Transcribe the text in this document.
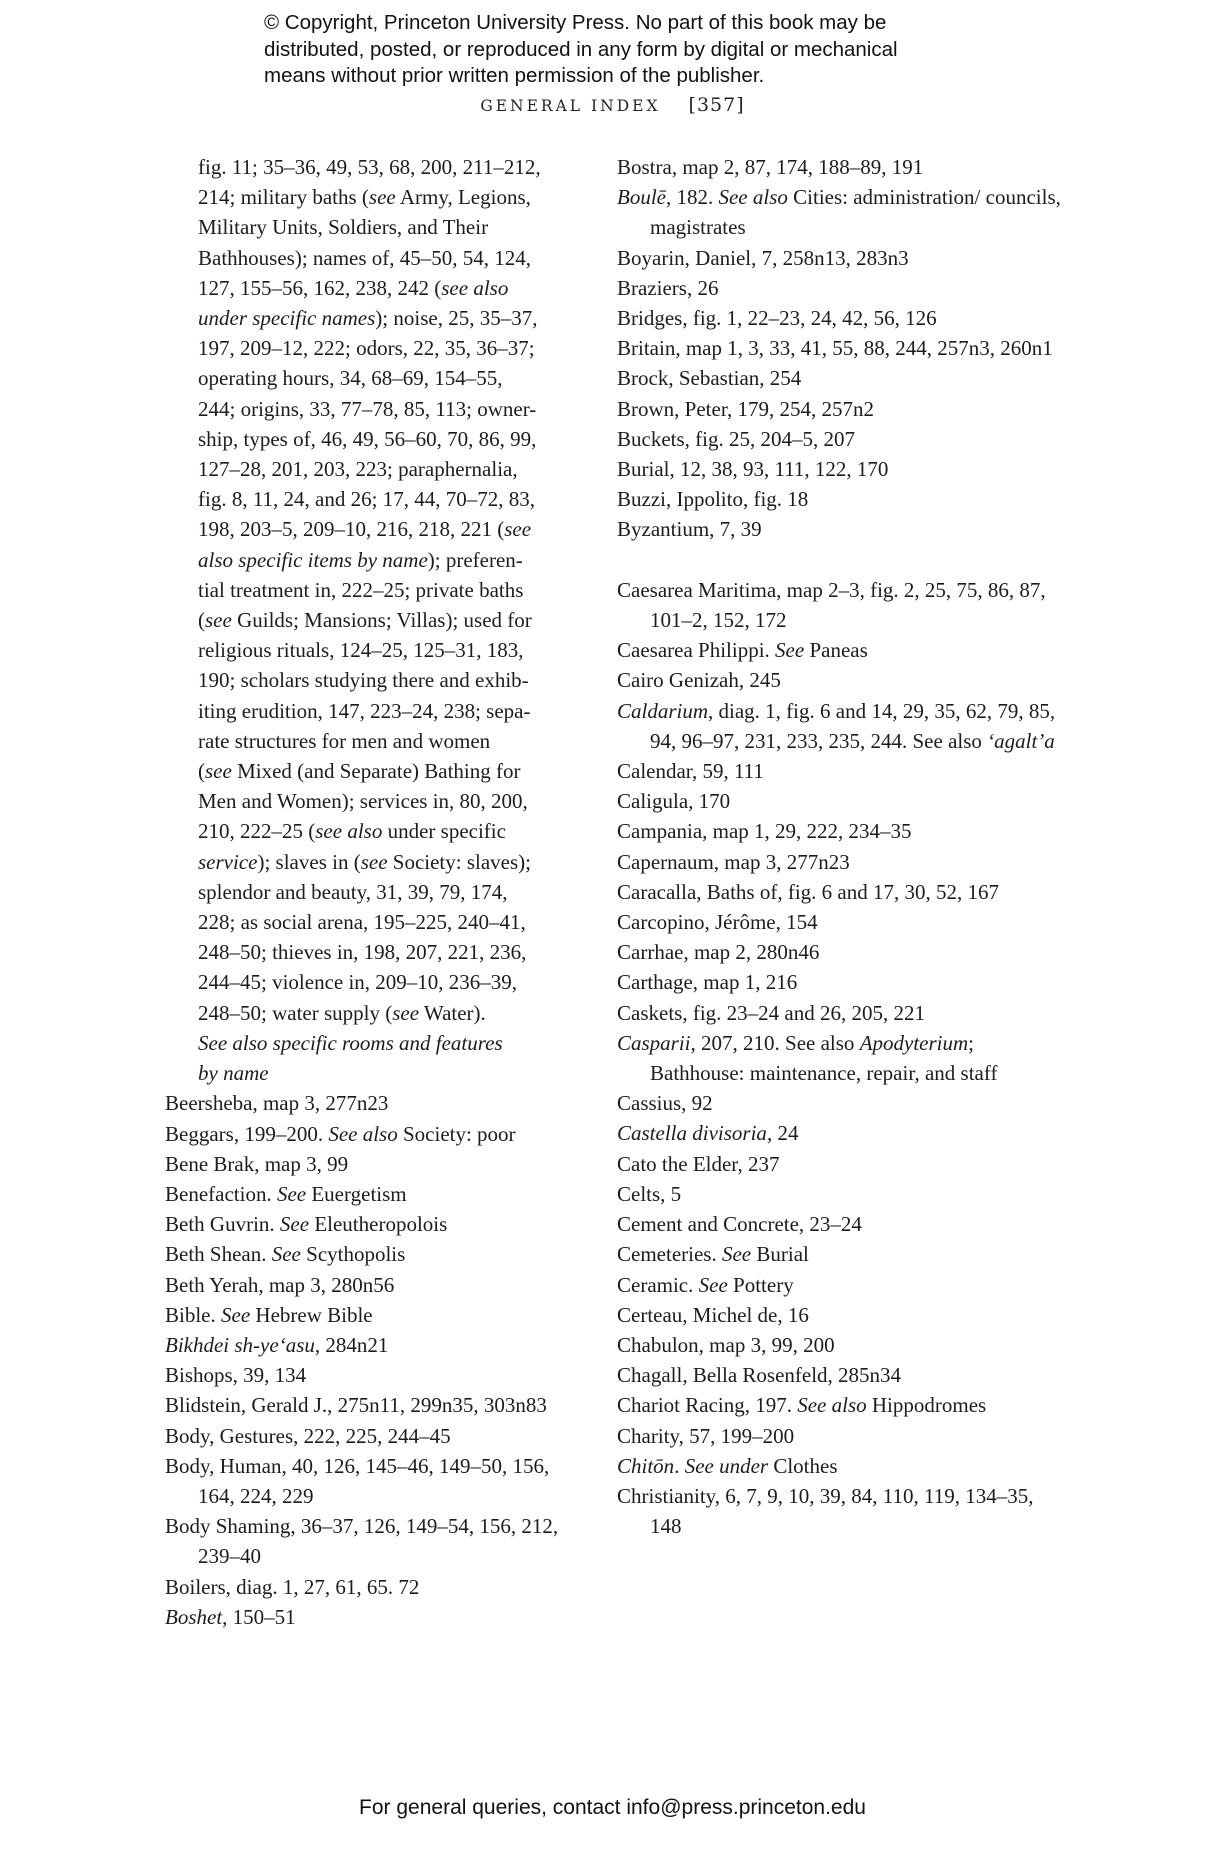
© Copyright, Princeton University Press. No part of this book may be
distributed, posted, or reproduced in any form by digital or mechanical
means without prior written permission of the publisher.
GENERAL INDEX [357]
fig. 11; 35–36, 49, 53, 68, 200, 211–212,
214; military baths (see Army, Legions,
Military Units, Soldiers, and Their
Bathhouses); names of, 45–50, 54, 124,
127, 155–56, 162, 238, 242 (see also
under specific names); noise, 25, 35–37,
197, 209–12, 222; odors, 22, 35, 36–37;
operating hours, 34, 68–69, 154–55,
244; origins, 33, 77–78, 85, 113; owner-
ship, types of, 46, 49, 56–60, 70, 86, 99,
127–28, 201, 203, 223; paraphernalia,
fig. 8, 11, 24, and 26; 17, 44, 70–72, 83,
198, 203–5, 209–10, 216, 218, 221 (see
also specific items by name); preferen-
tial treatment in, 222–25; private baths
(see Guilds; Mansions; Villas); used for
religious rituals, 124–25, 125–31, 183,
190; scholars studying there and exhib-
iting erudition, 147, 223–24, 238; sepa-
rate structures for men and women
(see Mixed (and Separate) Bathing for
Men and Women); services in, 80, 200,
210, 222–25 (see also under specific
service); slaves in (see Society: slaves);
splendor and beauty, 31, 39, 79, 174,
228; as social arena, 195–225, 240–41,
248–50; thieves in, 198, 207, 221, 236,
244–45; violence in, 209–10, 236–39,
248–50; water supply (see Water).
See also specific rooms and features
by name

Beersheba, map 3, 277n23

Beggars, 199–200. See also Society: poor

Bene Brak, map 3, 99

Benefaction. See Euergetism

Beth Guvrin. See Eleutheropolois

Beth Shean. See Scythopolis

Beth Yerah, map 3, 280n56

Bible. See Hebrew Bible

Bikhdei sh-ye‘asu, 284n21

Bishops, 39, 134

Blidstein, Gerald J., 275n11, 299n35, 303n83

Body, Gestures, 222, 225, 244–45

Body, Human, 40, 126, 145–46, 149–50, 156, 164, 224, 229

Body Shaming, 36–37, 126, 149–54, 156, 212, 239–40

Boilers, diag. 1, 27, 61, 65. 72

Boshet, 150–51

Bostra, map 2, 87, 174, 188–89, 191

Boulē, 182. See also Cities: administration/ councils, magistrates

Boyarin, Daniel, 7, 258n13, 283n3

Braziers, 26

Bridges, fig. 1, 22–23, 24, 42, 56, 126

Britain, map 1, 3, 33, 41, 55, 88, 244, 257n3, 260n1

Brock, Sebastian, 254

Brown, Peter, 179, 254, 257n2

Buckets, fig. 25, 204–5, 207

Burial, 12, 38, 93, 111, 122, 170

Buzzi, Ippolito, fig. 18

Byzantium, 7, 39

Caesarea Maritima, map 2–3, fig. 2, 25, 75, 86, 87, 101–2, 152, 172

Caesarea Philippi. See Paneas

Cairo Genizah, 245

Caldarium, diag. 1, fig. 6 and 14, 29, 35, 62, 79, 85, 94, 96–97, 231, 233, 235, 244. See also ‘agalt’a

Calendar, 59, 111

Caligula, 170

Campania, map 1, 29, 222, 234–35

Capernaum, map 3, 277n23

Caracalla, Baths of, fig. 6 and 17, 30, 52, 167

Carcopino, Jérôme, 154

Carrhae, map 2, 280n46

Carthage, map 1, 216

Caskets, fig. 23–24 and 26, 205, 221

Casparii, 207, 210. See also Apodyterium; Bathhouse: maintenance, repair, and staff

Cassius, 92

Castella divisoria, 24

Cato the Elder, 237

Celts, 5

Cement and Concrete, 23–24

Cemeteries. See Burial

Ceramic. See Pottery

Certeau, Michel de, 16

Chabulon, map 3, 99, 200

Chagall, Bella Rosenfeld, 285n34

Chariot Racing, 197. See also Hippodromes

Charity, 57, 199–200

Chitōn. See under Clothes

Christianity, 6, 7, 9, 10, 39, 84, 110, 119, 134–35, 148

For general queries, contact info@press.princeton.edu
